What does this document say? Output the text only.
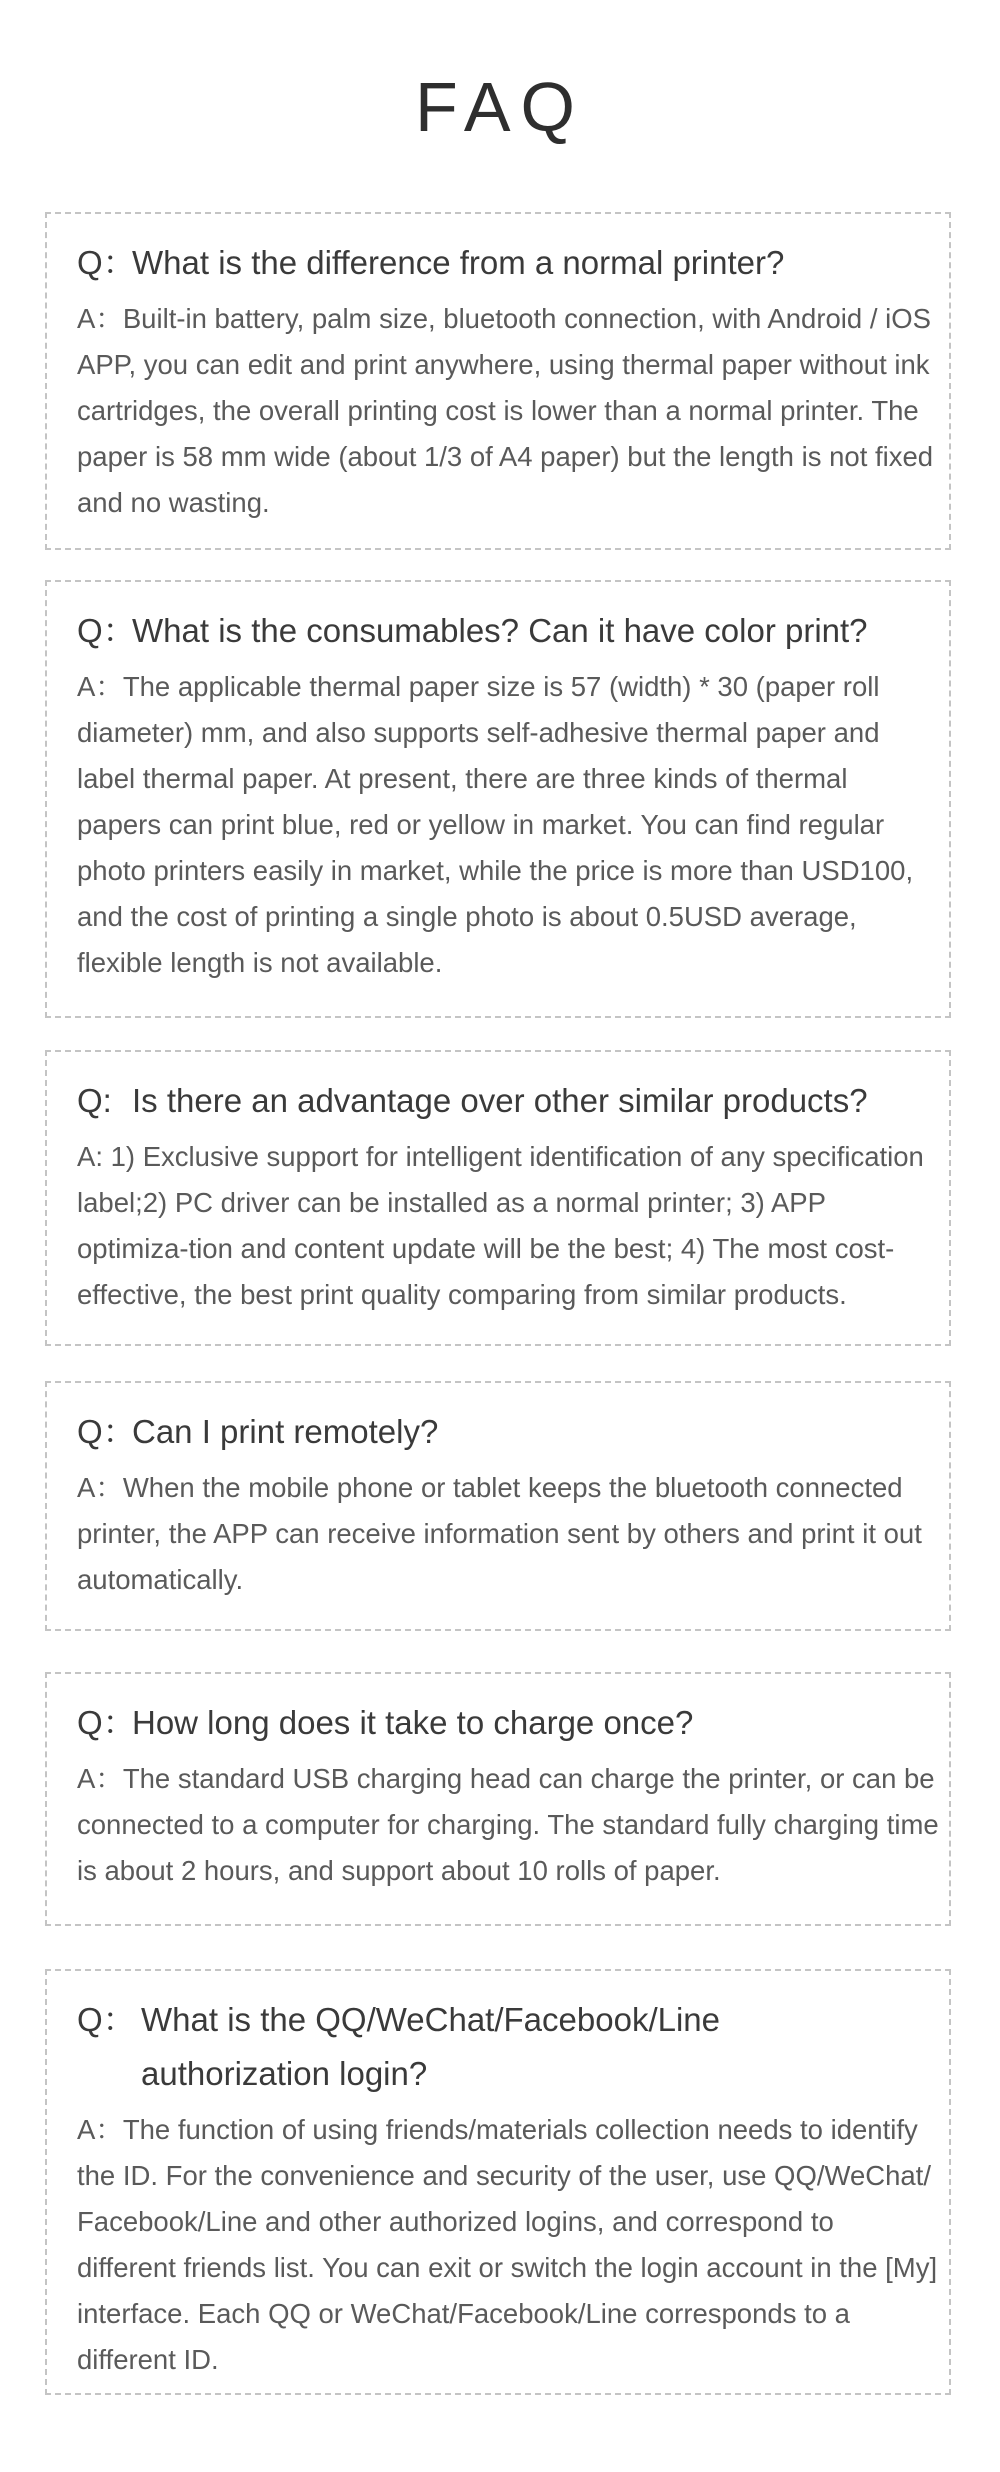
FAQ
Q：
What is the difference from a normal printer?

A：Built-in battery, palm size, bluetooth connection, with Android / iOS APP, you can edit and print anywhere, using thermal paper without ink cartridges, the overall printing cost is lower than a normal printer. The paper is 58 mm wide (about 1/3 of A4 paper) but the length is not fixed and no wasting.

Q：
What is the consumables? Can it have color print?

A：The applicable thermal paper size is 57 (width) * 30 (paper roll diameter) mm, and also supports self-adhesive thermal paper and label thermal paper. At present, there are three kinds of thermal papers can print blue, red or yellow in market. You can find regular photo printers easily in market, while the price is more than USD100, and the cost of printing a single photo is about 0.5USD average, flexible length is not available.

Q: Is there an advantage over other similar products?

A: 1) Exclusive support for intelligent identification of any specification label;2) PC driver can be installed as a normal printer; 3) APP optimiza-tion and content update will be the best; 4) The most cost-effective, the best print quality comparing from similar products.

Q：
Can I print remotely?

A：When the mobile phone or tablet keeps the bluetooth connected printer, the APP can receive information sent by others and print it out automatically.

Q：
How long does it take to charge once?

A：The standard USB charging head can charge the printer, or can be connected to a computer for charging. The standard fully charging time is about 2 hours, and support about 10 rolls of paper.

Q： What is the QQ/WeChat/Facebook/Line authorization login?

A：The function of using friends/materials collection needs to identify the ID. For the convenience and security of the user, use QQ/WeChat/ Facebook/Line and other authorized logins, and correspond to different friends list. You can exit or switch the login account in the [My] interface. Each QQ or WeChat/Facebook/Line corresponds to a different ID.
